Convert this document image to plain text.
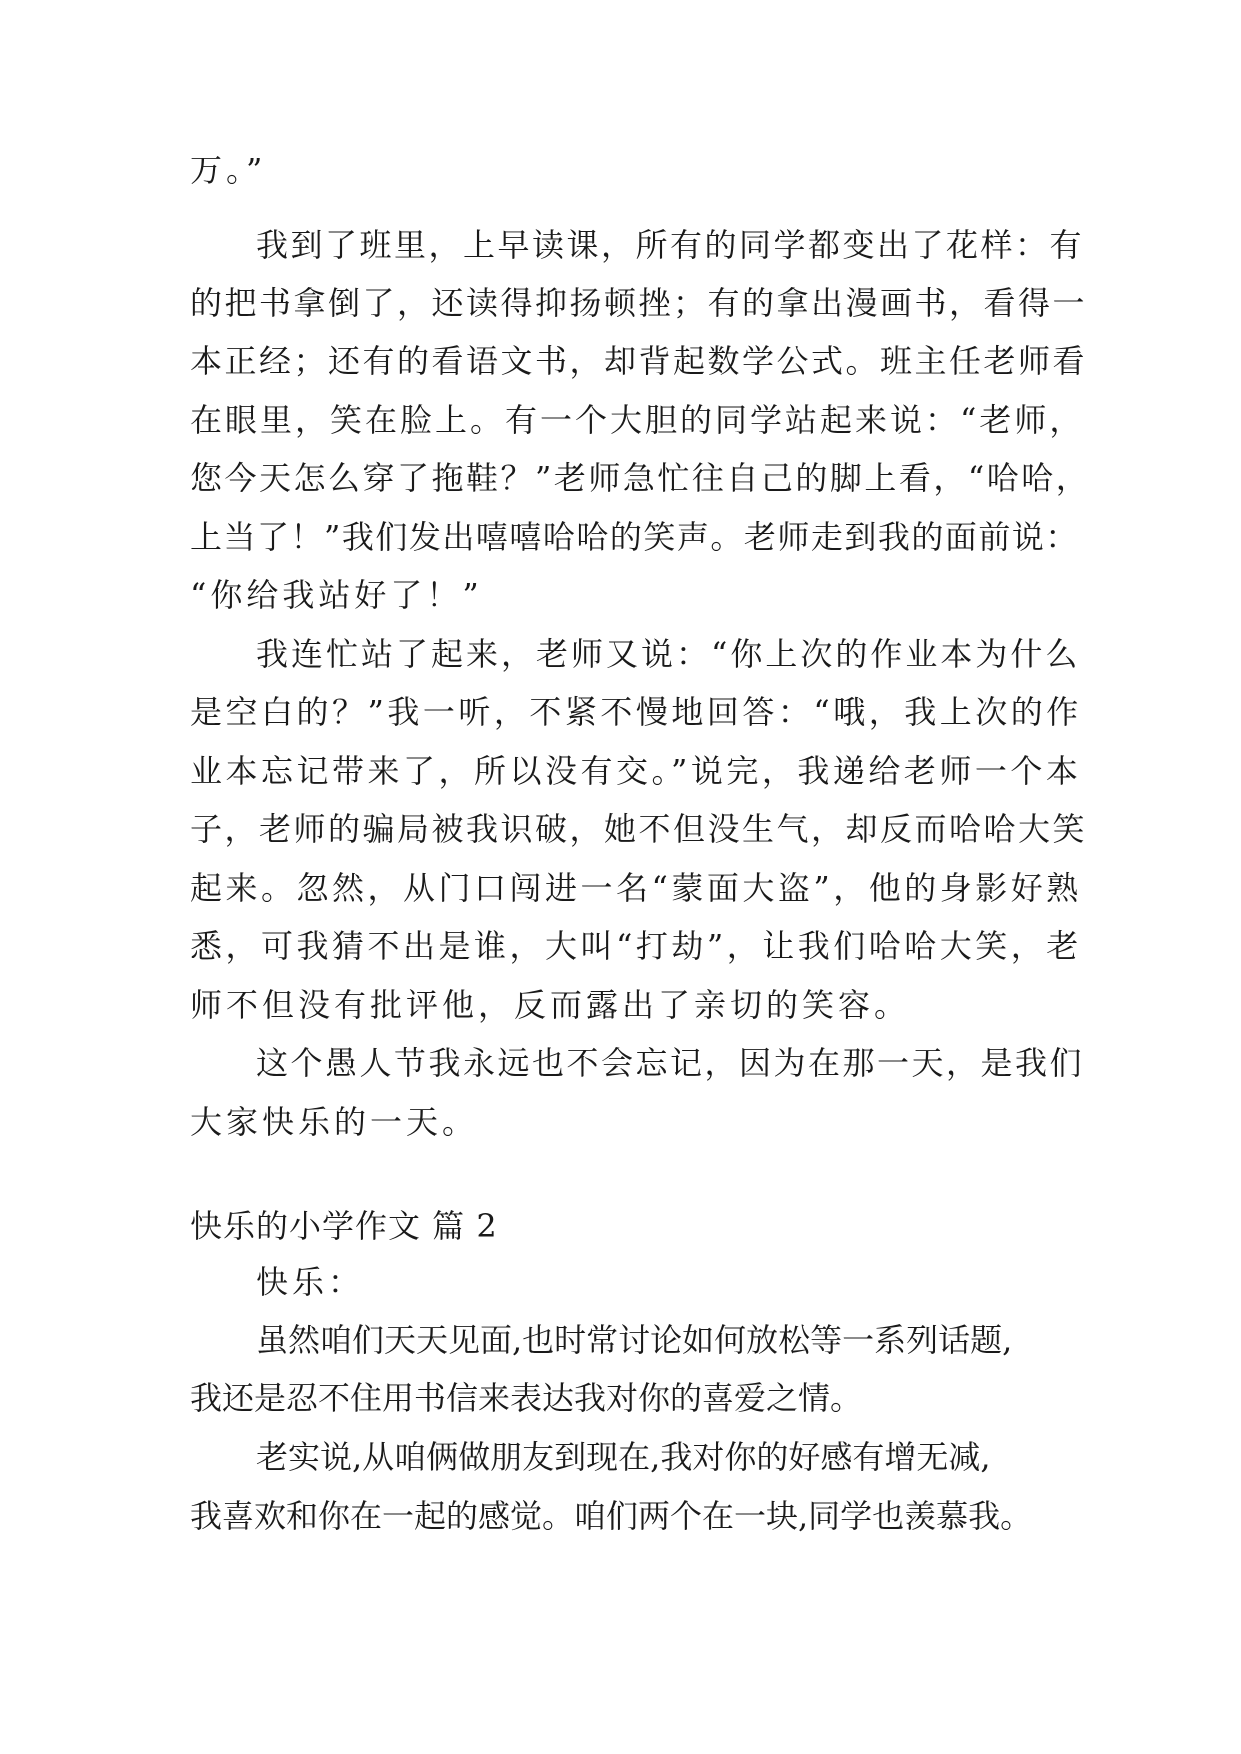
万。”
我到了班里，上早读课，所有的同学都变出了花样：有
的把书拿倒了，还读得抑扬顿挫；有的拿出漫画书，看得一
本正经；还有的看语文书，却背起数学公式。班主任老师看
在眼里，笑在脸上。有一个大胆的同学站起来说：“老师，
您今天怎么穿了拖鞋？”老师急忙往自己的脚上看，“哈哈，
上当了！”我们发出嘻嘻哈哈的笑声。老师走到我的面前说：
“你给我站好了！”
我连忙站了起来，老师又说：“你上次的作业本为什么
是空白的？”我一听，不紧不慢地回答：“哦，我上次的作
业本忘记带来了，所以没有交。”说完，我递给老师一个本
子，老师的骗局被我识破，她不但没生气，却反而哈哈大笑
起来。忽然，从门口闯进一名“蒙面大盗”，他的身影好熟
悉，可我猜不出是谁，大叫“打劫”，让我们哈哈大笑，老
师不但没有批评他，反而露出了亲切的笑容。
这个愚人节我永远也不会忘记，因为在那一天，是我们
大家快乐的一天。
快乐的小学作文 篇 2
快乐：
虽然咱们天天见面,也时常讨论如何放松等一系列话题,
我还是忍不住用书信来表达我对你的喜爱之情。
老实说,从咱俩做朋友到现在,我对你的好感有增无减,
我喜欢和你在一起的感觉。咱们两个在一块,同学也羡慕我。
